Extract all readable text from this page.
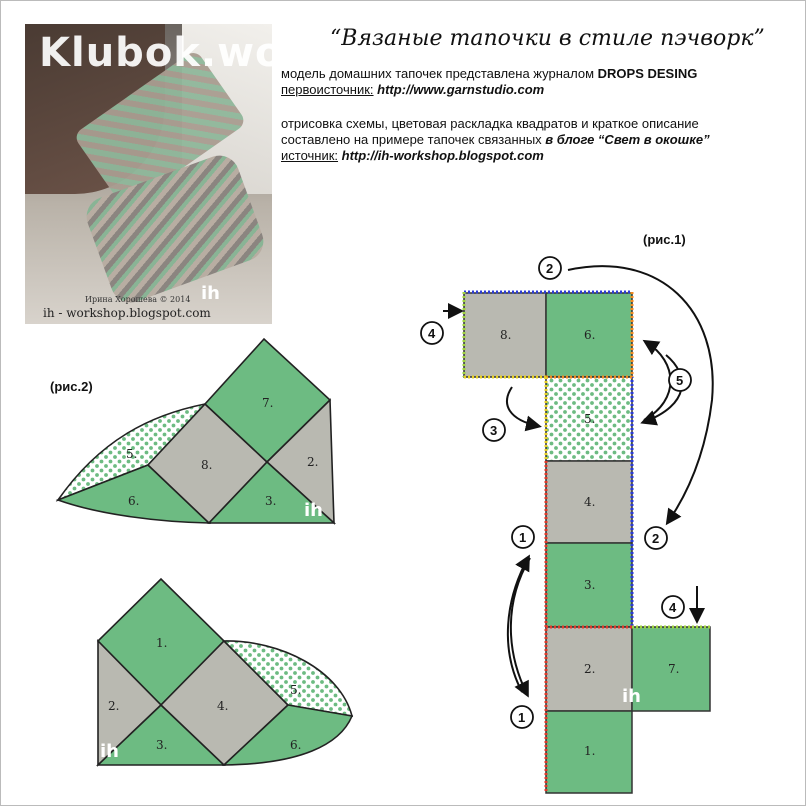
Klubok.work
Ирина Хорошева © 2014 ih
ih - workshop.blogspot.com
“Вязаные тапочки в стиле пэчворк”
модель домашних тапочек представлена журналом DROPS DESING
первоисточник: http://www.garnstudio.com
отрисовка схемы, цветовая раскладка квадратов и краткое описание
составлено на примере тапочек связанных в блоге “Свет в окошке”
источник: http://ih-workshop.blogspot.com
(рис.1)
8.	6.
5.
4.
3.
2.
1.
7.
ih
2
4
3
5
1	2
4
1
(рис.2)
7.
8.	2.
5.
6.	3. ih
1.
2.	4.
5.
3.	6.
ih
